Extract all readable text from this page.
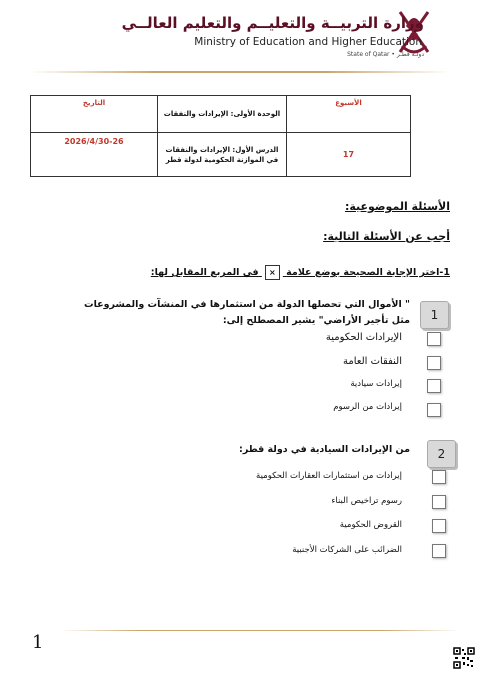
وزارة التربيــة والتعليــم والتعليم العالــي
Ministry of Education and Higher Education
State of Qatar • دولـة قطـر
التاريخ	الوحدة الأولى: الإيرادات والنفقات	الأسبوع
2026/4/30-26	الدرس الأول: الإيرادات والنفقات في الموازنة الحكومية لدولة قطر	17
الأسئلة الموضوعية:
أجب عن الأسئلة التالية:
1-اختر الإجابة الصحيحة بوضع علامة × في المربع المقابل لها:
1
" الأموال التي تحصلها الدولة من استثمارها في المنشآت والمشروعات مثل تأجير الأراضي" يشير المصطلح إلى:
الإيرادات الحكومية
النفقات العامة
إيرادات سيادية
إيرادات من الرسوم
2
من الإيرادات السيادية في دولة قطر:
إيرادات من استثمارات العقارات الحكومية
رسوم تراخيص البناء
القروض الحكومية
الضرائب على الشركات الأجنبية
1
